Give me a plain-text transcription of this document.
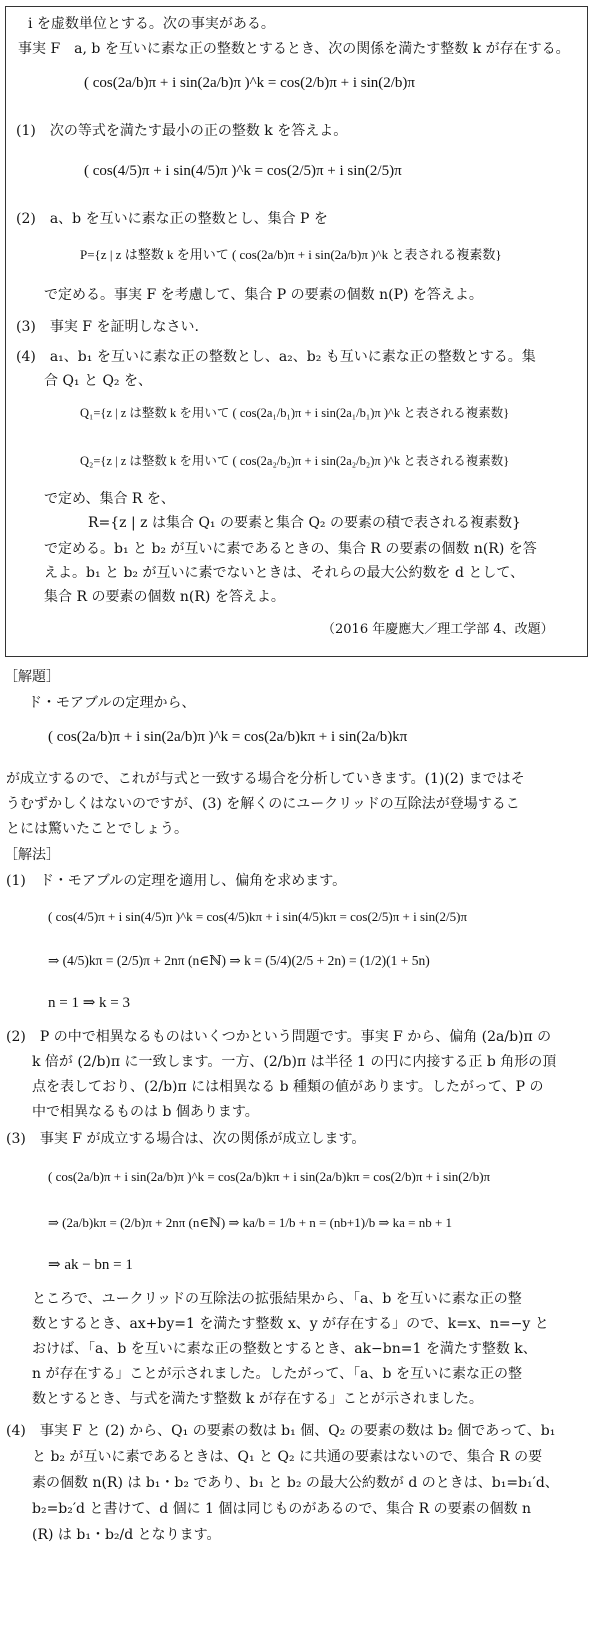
i を虚数単位とする。次の事実がある。
事実 F　a, b を互いに素な正の整数とするとき、次の関係を満たす整数 k が存在する。
( cos(2a/b)π + i sin(2a/b)π )^k = cos(2/b)π + i sin(2/b)π
(1)　次の等式を満たす最小の正の整数 k を答えよ。
( cos(4/5)π + i sin(4/5)π )^k = cos(2/5)π + i sin(2/5)π
(2)　a、b を互いに素な正の整数とし、集合 P を
P={z | z は整数 k を用いて ( cos(2a/b)π + i sin(2a/b)π )^k と表される複素数}
で定める。事実 F を考慮して、集合 P の要素の個数 n(P) を答えよ。
(3)　事実 F を証明しなさい.
(4)　a₁、b₁ を互いに素な正の整数とし、a₂、b₂ も互いに素な正の整数とする。集
合 Q₁ と Q₂ を、
Q₁={z | z は整数 k を用いて ( cos(2a₁/b₁)π + i sin(2a₁/b₁)π )^k と表される複素数}
Q₂={z | z は整数 k を用いて ( cos(2a₂/b₂)π + i sin(2a₂/b₂)π )^k と表される複素数}
で定め、集合 R を、
R={z | z は集合 Q₁ の要素と集合 Q₂ の要素の積で表される複素数}
で定める。b₁ と b₂ が互いに素であるときの、集合 R の要素の個数 n(R) を答
えよ。b₁ と b₂ が互いに素でないときは、それらの最大公約数を d として、
集合 R の要素の個数 n(R) を答えよ。
（2016 年慶應大／理工学部 4、改題）
［解題］
ド・モアブルの定理から、
( cos(2a/b)π + i sin(2a/b)π )^k = cos(2a/b)kπ + i sin(2a/b)kπ
が成立するので、これが与式と一致する場合を分析していきます。(1)(2) まではそ
うむずかしくはないのですが、(3) を解くのにユークリッドの互除法が登場するこ
とには驚いたことでしょう。
［解法］
(1)　ド・モアブルの定理を適用し、偏角を求めます。
( cos(4/5)π + i sin(4/5)π )^k = cos(4/5)kπ + i sin(4/5)kπ = cos(2/5)π + i sin(2/5)π
⇒ (4/5)kπ = (2/5)π + 2nπ (n∈ℕ) ⇒ k = (5/4)(2/5 + 2n) = (1/2)(1 + 5n)
n = 1 ⇒ k = 3
(2)　P の中で相異なるものはいくつかという問題です。事実 F から、偏角 (2a/b)π の
k 倍が (2/b)π に一致します。一方、(2/b)π は半径 1 の円に内接する正 b 角形の頂
点を表しており、(2/b)π には相異なる b 種類の値があります。したがって、P の
中で相異なるものは b 個あります。
(3)　事実 F が成立する場合は、次の関係が成立します。
( cos(2a/b)π + i sin(2a/b)π )^k = cos(2a/b)kπ + i sin(2a/b)kπ = cos(2/b)π + i sin(2/b)π
⇒ (2a/b)kπ = (2/b)π + 2nπ (n∈ℕ) ⇒ ka/b = 1/b + n = (nb+1)/b ⇒ ka = nb + 1
⇒ ak − bn = 1
ところで、ユークリッドの互除法の拡張結果から、「a、b を互いに素な正の整
数とするとき、ax+by=1 を満たす整数 x、y が存在する」ので、k=x、n=−y と
おけば、「a、b を互いに素な正の整数とするとき、ak−bn=1 を満たす整数 k、
n が存在する」ことが示されました。したがって、「a、b を互いに素な正の整
数とするとき、与式を満たす整数 k が存在する」ことが示されました。
(4)　事実 F と (2) から、Q₁ の要素の数は b₁ 個、Q₂ の要素の数は b₂ 個であって、b₁
と b₂ が互いに素であるときは、Q₁ と Q₂ に共通の要素はないので、集合 R の要
素の個数 n(R) は b₁・b₂ であり、b₁ と b₂ の最大公約数が d のときは、b₁=b₁′d、
b₂=b₂′d と書けて、d 個に 1 個は同じものがあるので、集合 R の要素の個数 n
(R) は b₁・b₂/d となります。
